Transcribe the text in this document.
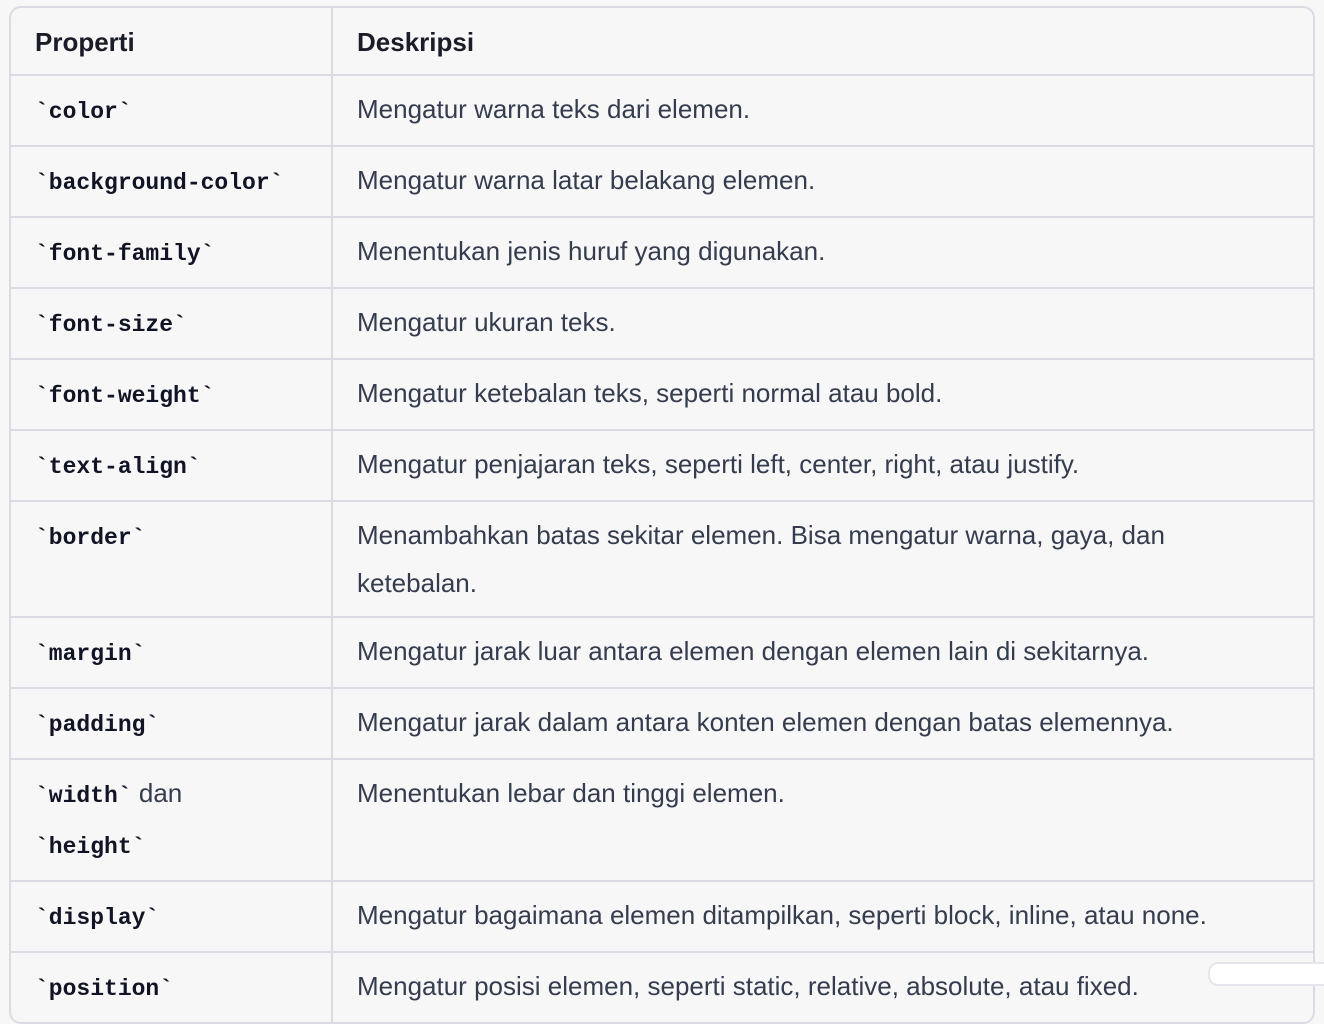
Properti	Deskripsi
`color`	Mengatur warna teks dari elemen.
`background-color`	Mengatur warna latar belakang elemen.
`font-family`	Menentukan jenis huruf yang digunakan.
`font-size`	Mengatur ukuran teks.
`font-weight`	Mengatur ketebalan teks, seperti normal atau bold.
`text-align`	Mengatur penjajaran teks, seperti left, center, right, atau justify.
`border`	Menambahkan batas sekitar elemen. Bisa mengatur warna, gaya, dan ketebalan.
`margin`	Mengatur jarak luar antara elemen dengan elemen lain di sekitarnya.
`padding`	Mengatur jarak dalam antara konten elemen dengan batas elemennya.
`width` dan
`height`	Menentukan lebar dan tinggi elemen.
`display`	Mengatur bagaimana elemen ditampilkan, seperti block, inline, atau none.
`position`	Mengatur posisi elemen, seperti static, relative, absolute, atau fixed.
